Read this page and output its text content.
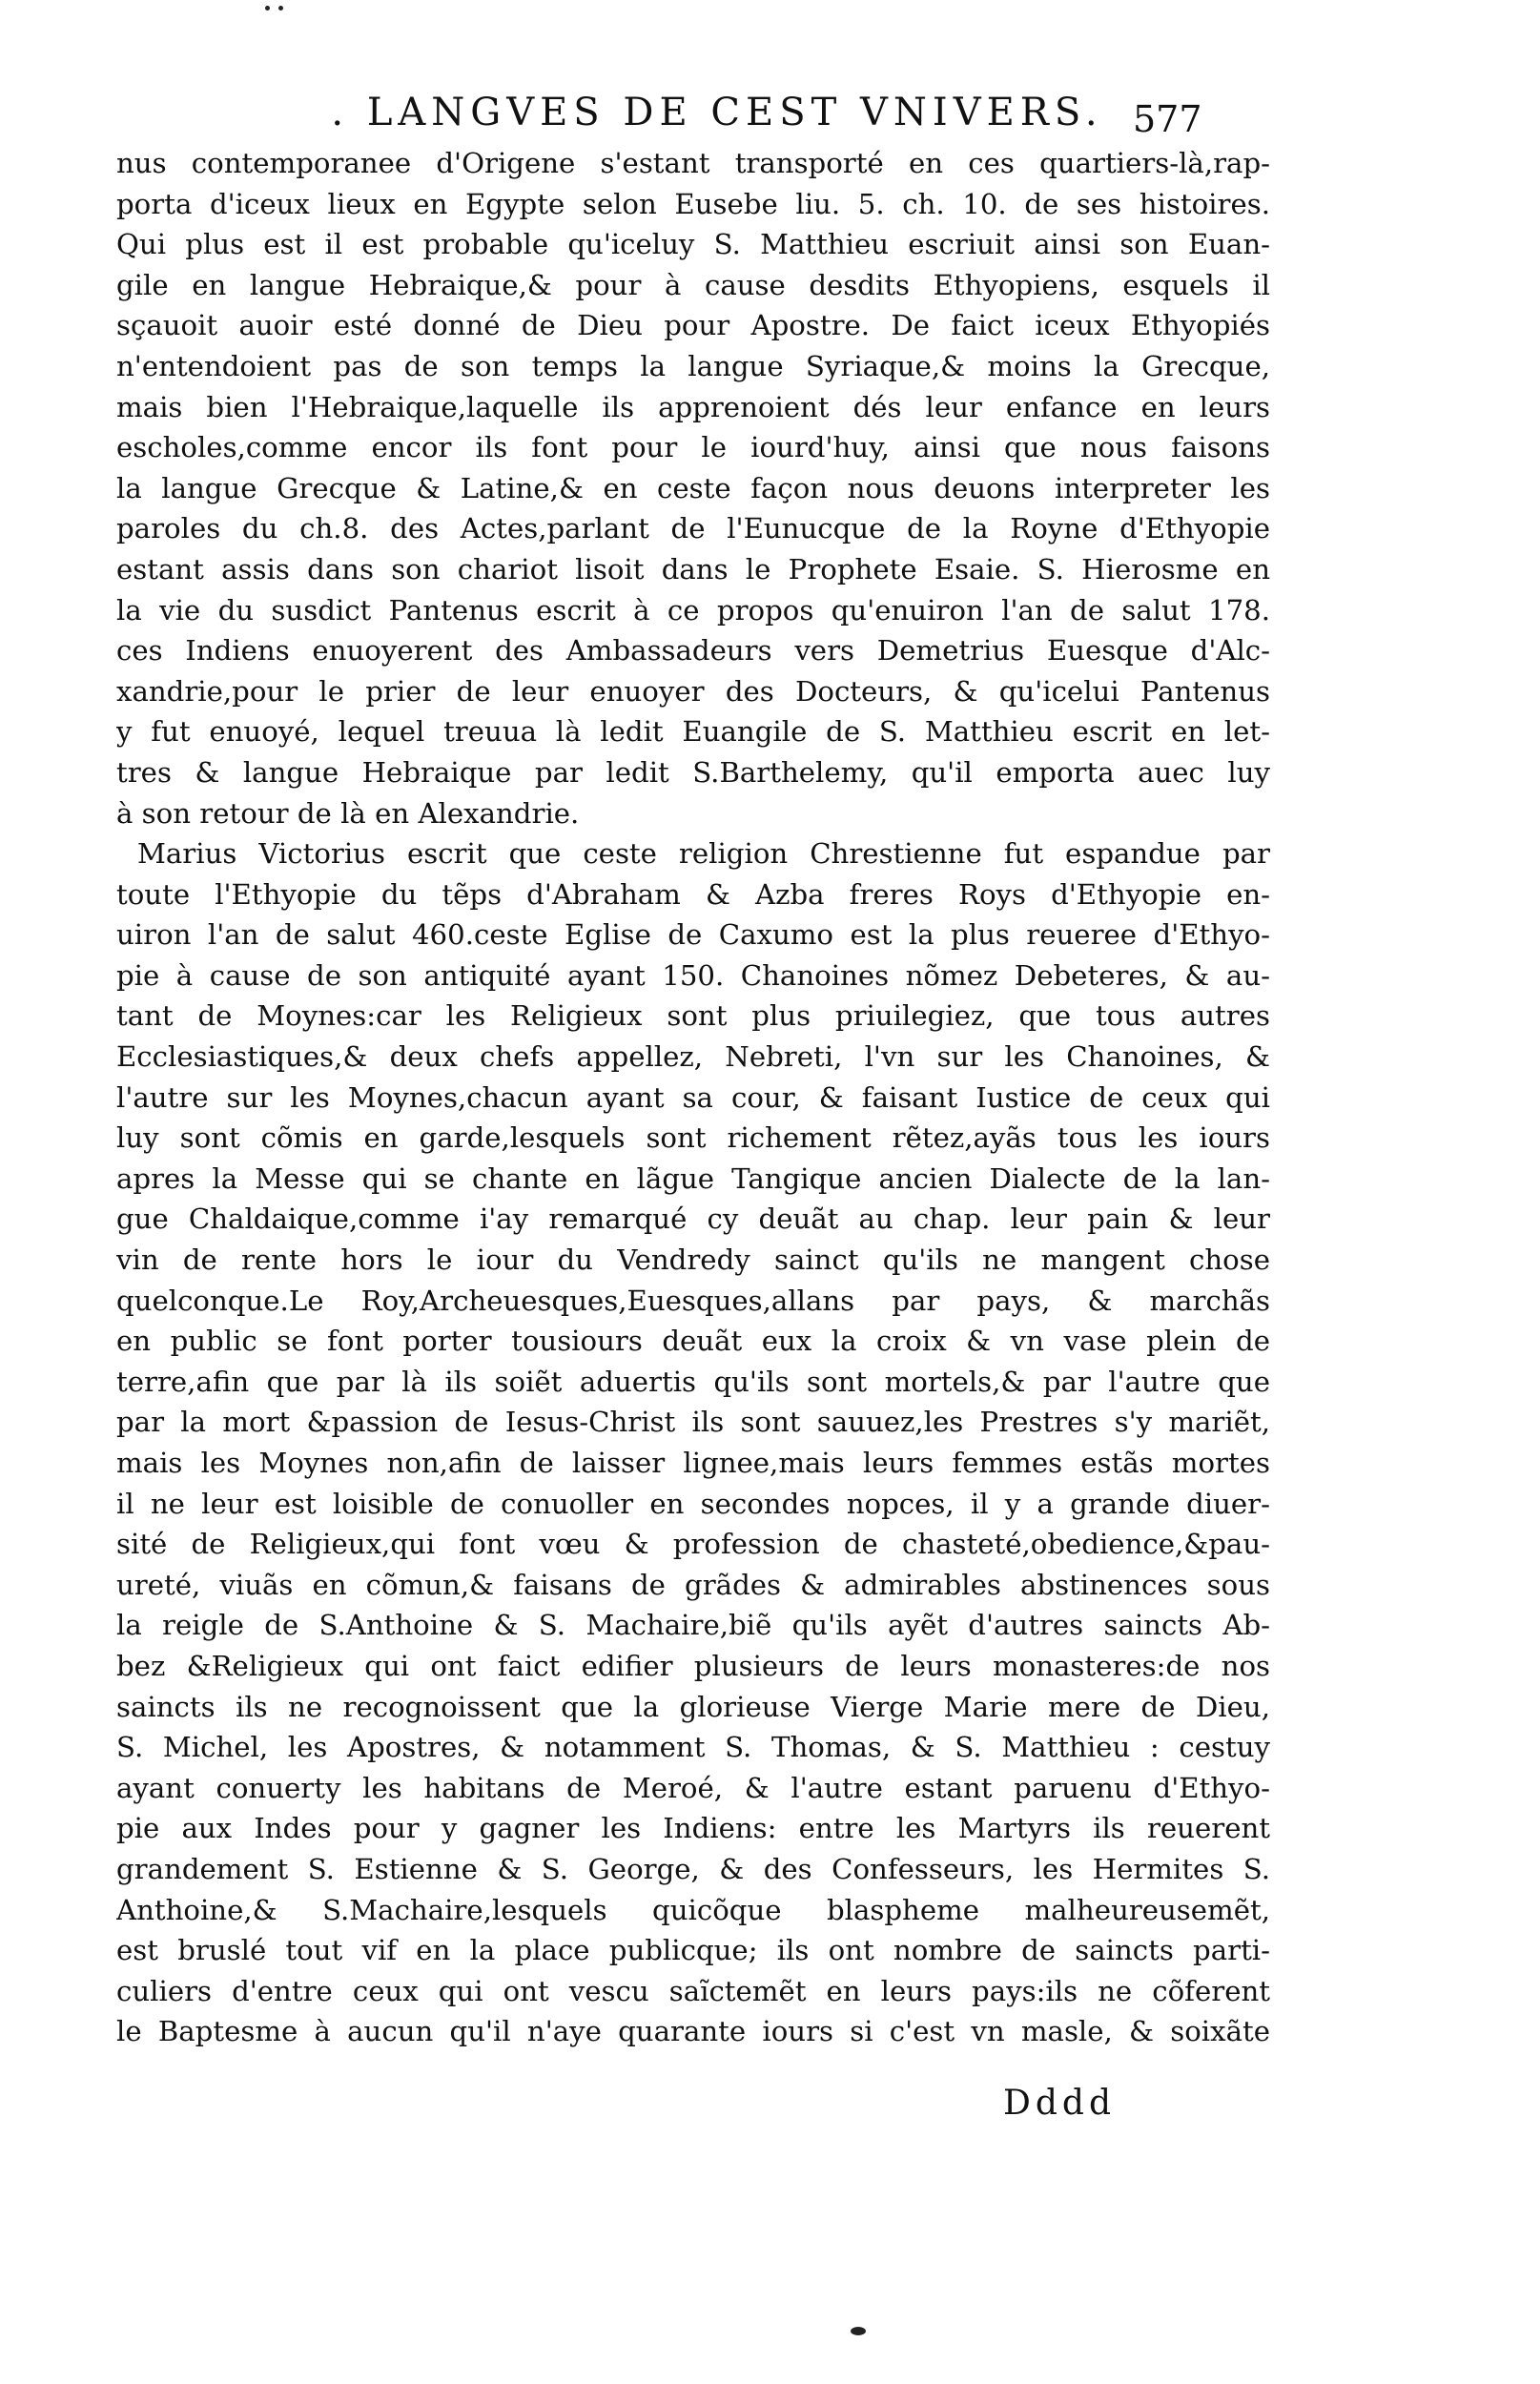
. LANGVES DE CEST VNIVERS. 577
nus contemporanee d'Origene s'estant transporté en ces quartiers-là,rap-
porta d'iceux lieux en Egypte selon Eusebe liu. 5. ch. 10. de ses histoires.
Qui plus est il est probable qu'iceluy S. Matthieu escriuit ainsi son Euan-
gile en langue Hebraique,& pour à cause desdits Ethyopiens, esquels il
sçauoit auoir esté donné de Dieu pour Apostre. De faict iceux Ethyopiés
n'entendoient pas de son temps la langue Syriaque,& moins la Grecque,
mais bien l'Hebraique,laquelle ils apprenoient dés leur enfance en leurs
escholes,comme encor ils font pour le iourd'huy, ainsi que nous faisons
la langue Grecque & Latine,& en ceste façon nous deuons interpreter les
paroles du ch.8. des Actes,parlant de l'Eunucque de la Royne d'Ethyopie
estant assis dans son chariot lisoit dans le Prophete Esaie. S. Hierosme en
la vie du susdict Pantenus escrit à ce propos qu'enuiron l'an de salut 178.
ces Indiens enuoyerent des Ambassadeurs vers Demetrius Euesque d'Alc-
xandrie,pour le prier de leur enuoyer des Docteurs, & qu'icelui Pantenus
y fut enuoyé, lequel treuua là ledit Euangile de S. Matthieu escrit en let-
tres & langue Hebraique par ledit S.Barthelemy, qu'il emporta auec luy
à son retour de là en Alexandrie.
Marius Victorius escrit que ceste religion Chrestienne fut espandue par
toute l'Ethyopie du tẽps d'Abraham & Azba freres Roys d'Ethyopie en-
uiron l'an de salut 460.ceste Eglise de Caxumo est la plus reueree d'Ethyo-
pie à cause de son antiquité ayant 150. Chanoines nõmez Debeteres, & au-
tant de Moynes:car les Religieux sont plus priuilegiez, que tous autres
Ecclesiastiques,& deux chefs appellez, Nebreti, l'vn sur les Chanoines, &
l'autre sur les Moynes,chacun ayant sa cour, & faisant Iustice de ceux qui
luy sont cõmis en garde,lesquels sont richement rẽtez,ayãs tous les iours
apres la Messe qui se chante en lãgue Tangique ancien Dialecte de la lan-
gue Chaldaique,comme i'ay remarqué cy deuãt au chap. leur pain & leur
vin de rente hors le iour du Vendredy sainct qu'ils ne mangent chose
quelconque.Le Roy,Archeuesques,Euesques,allans par pays, & marchãs
en public se font porter tousiours deuãt eux la croix & vn vase plein de
terre,afin que par là ils soiẽt aduertis qu'ils sont mortels,& par l'autre que
par la mort &passion de Iesus-Christ ils sont sauuez,les Prestres s'y mariẽt,
mais les Moynes non,afin de laisser lignee,mais leurs femmes estãs mortes
il ne leur est loisible de conuoller en secondes nopces, il y a grande diuer-
sité de Religieux,qui font vœu & profession de chasteté,obedience,&pau-
ureté, viuãs en cõmun,& faisans de grãdes & admirables abstinences sous
la reigle de S.Anthoine & S. Machaire,biẽ qu'ils ayẽt d'autres saincts Ab-
bez &Religieux qui ont faict edifier plusieurs de leurs monasteres:de nos
saincts ils ne recognoissent que la glorieuse Vierge Marie mere de Dieu,
S. Michel, les Apostres, & notamment S. Thomas, & S. Matthieu : cestuy
ayant conuerty les habitans de Meroé, & l'autre estant paruenu d'Ethyo-
pie aux Indes pour y gagner les Indiens: entre les Martyrs ils reuerent
grandement S. Estienne & S. George, & des Confesseurs, les Hermites S.
Anthoine,& S.Machaire,lesquels quicõque blaspheme malheureusemẽt,
est bruslé tout vif en la place publicque; ils ont nombre de saincts parti-
culiers d'entre ceux qui ont vescu saĩctemẽt en leurs pays:ils ne cõferent
le Baptesme à aucun qu'il n'aye quarante iours si c'est vn masle, & soixãte
Dddd
